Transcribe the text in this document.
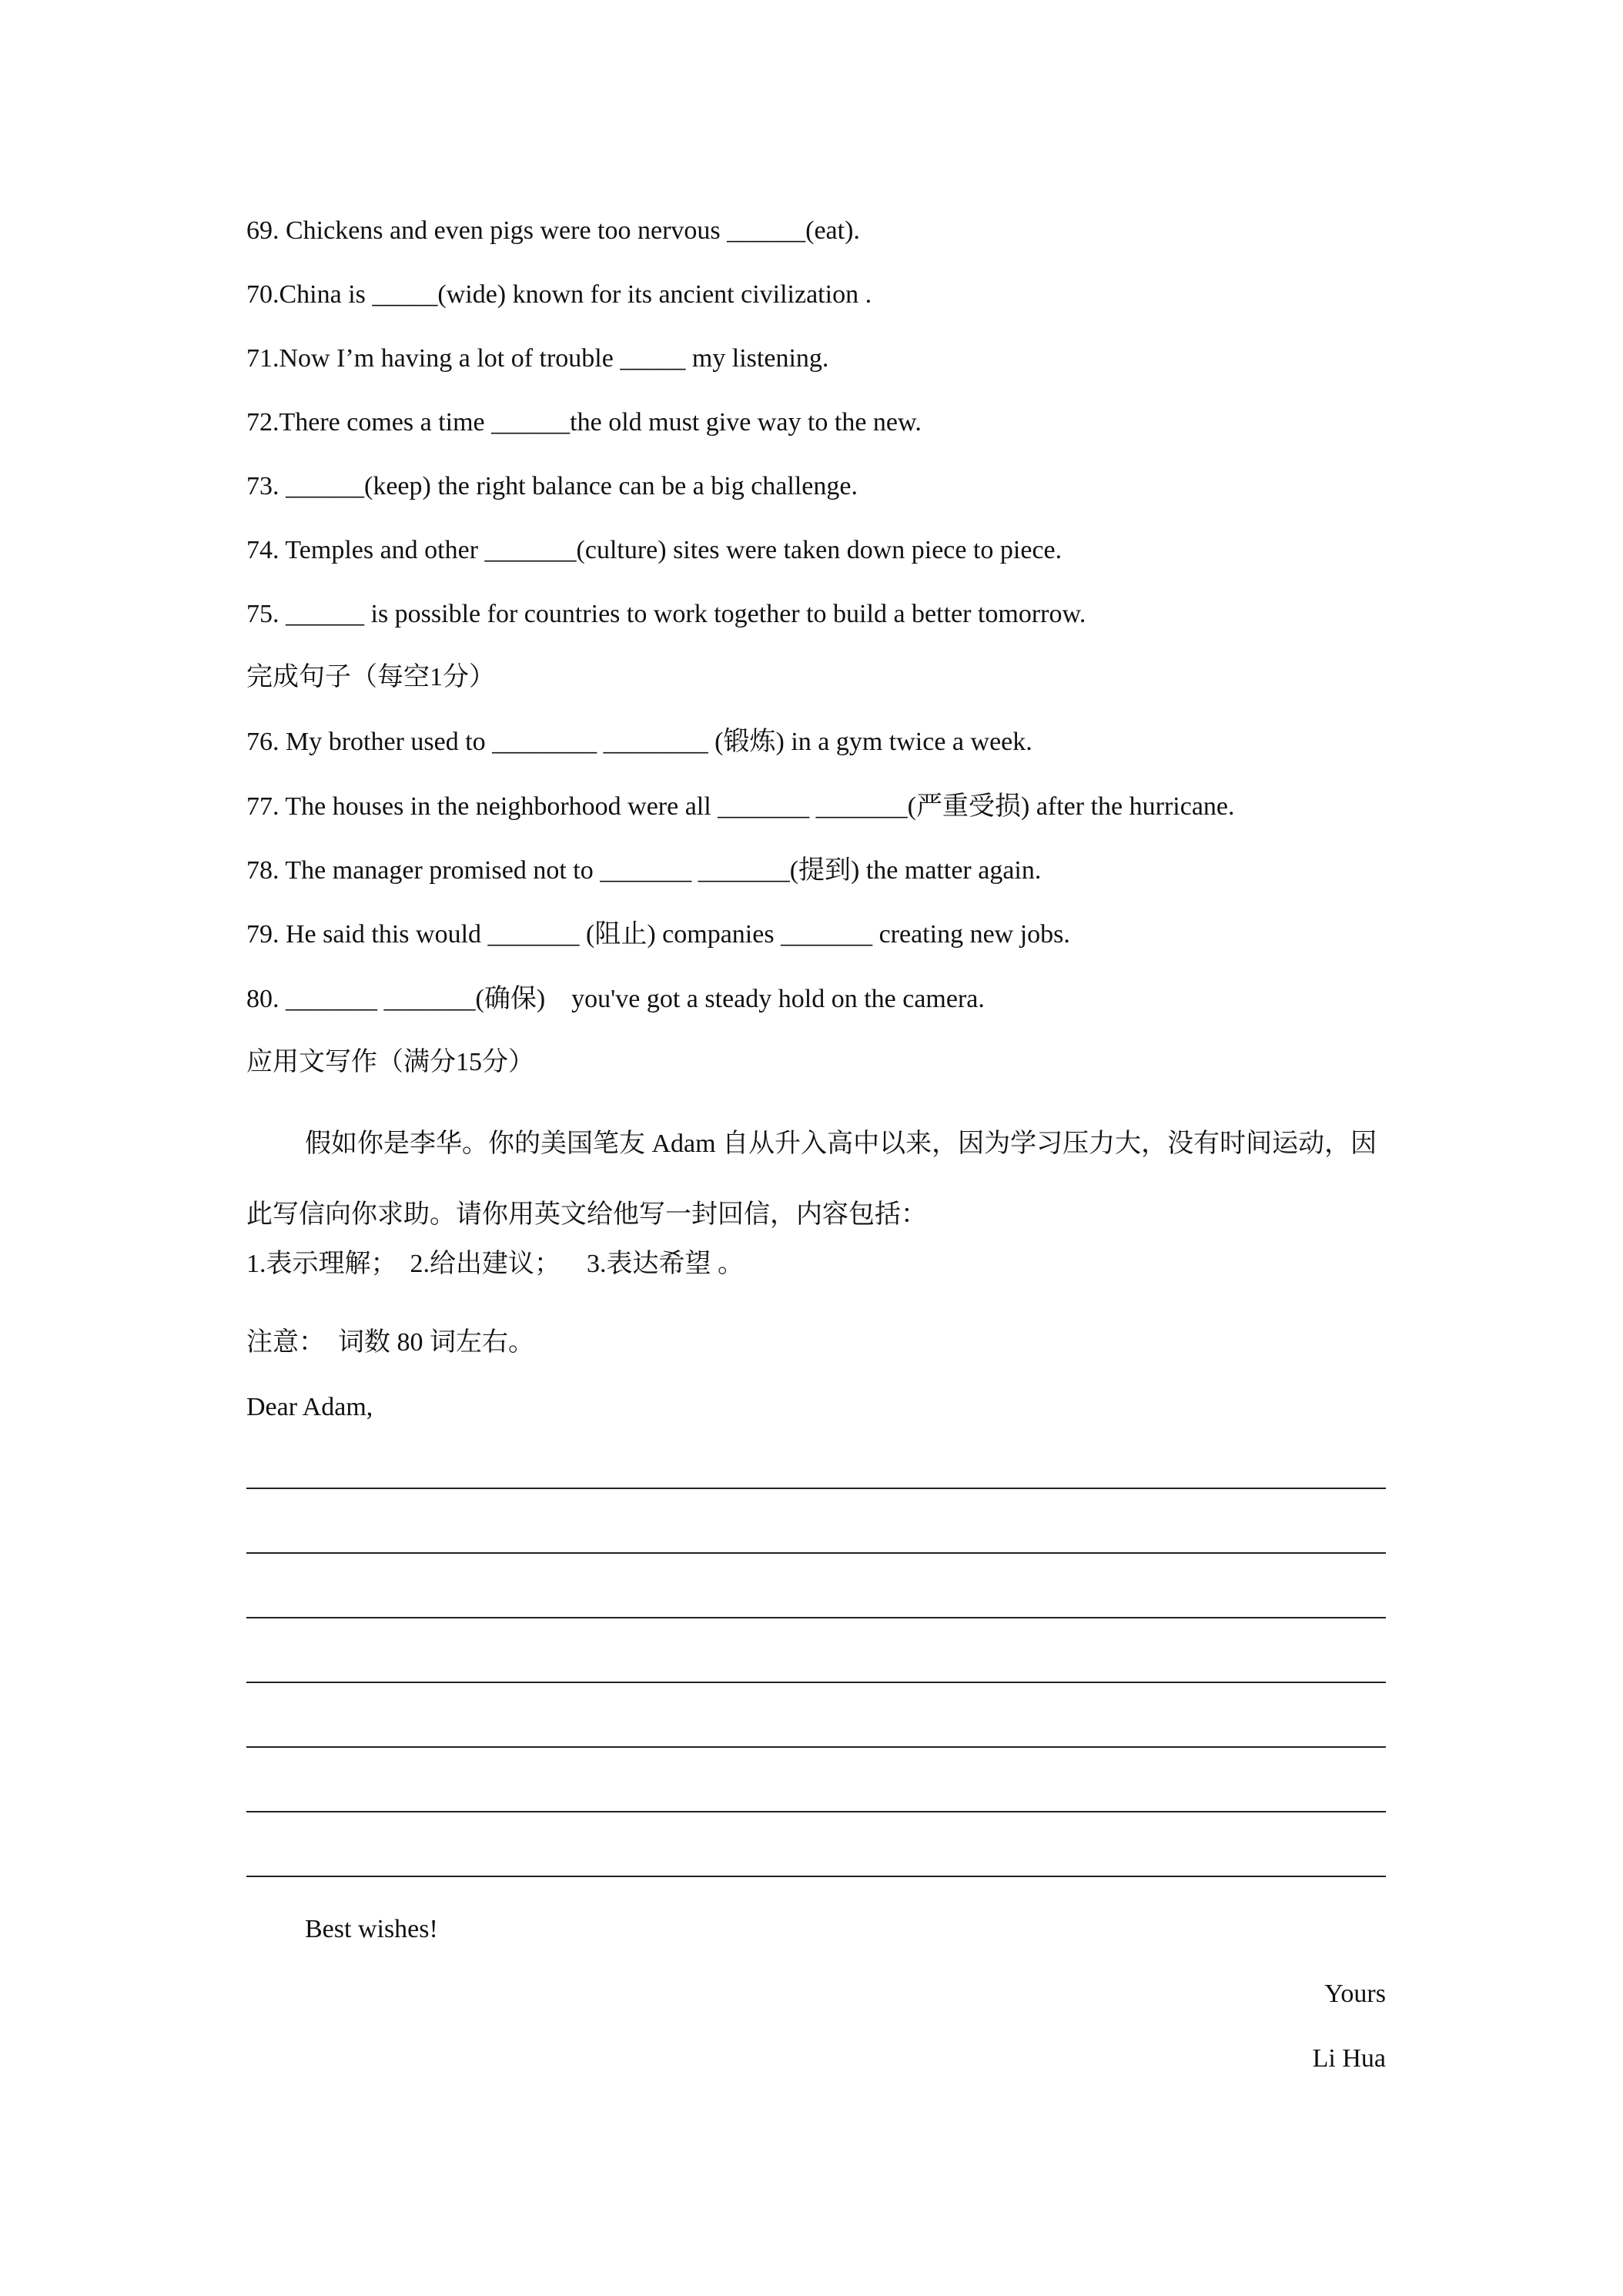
69. Chickens and even pigs were too nervous ______(eat).
70.China is _____(wide) known for its ancient civilization .
71.Now I’m having a lot of trouble _____ my listening.
72.There comes a time ______the old must give way to the new.
73. ______(keep) the right balance can be a big challenge.
74. Temples and other _______(culture) sites were taken down piece to piece.
75. ______ is possible for countries to work together to build a better tomorrow.
完成句子（每空1分）
76. My brother used to ________ ________ (锻炼) in a gym twice a week.
77. The houses in the neighborhood were all _______ _______(严重受损) after the hurricane.
78. The manager promised not to _______ _______(提到) the matter again.
79. He said this would _______ (阻止) companies _______ creating new jobs.
80. _______ _______(确保)    you've got a steady hold on the camera.
应用文写作（满分15分）
假如你是李华。你的美国笔友 Adam 自从升入高中以来，因为学习压力大，没有时间运动，因此写信向你求助。请你用英文给他写一封回信，内容包括：
1.表示理解；  2.给出建议；    3.表达希望 。
注意：  词数 80 词左右。
Dear Adam,
Best wishes!
Yours
Li Hua
